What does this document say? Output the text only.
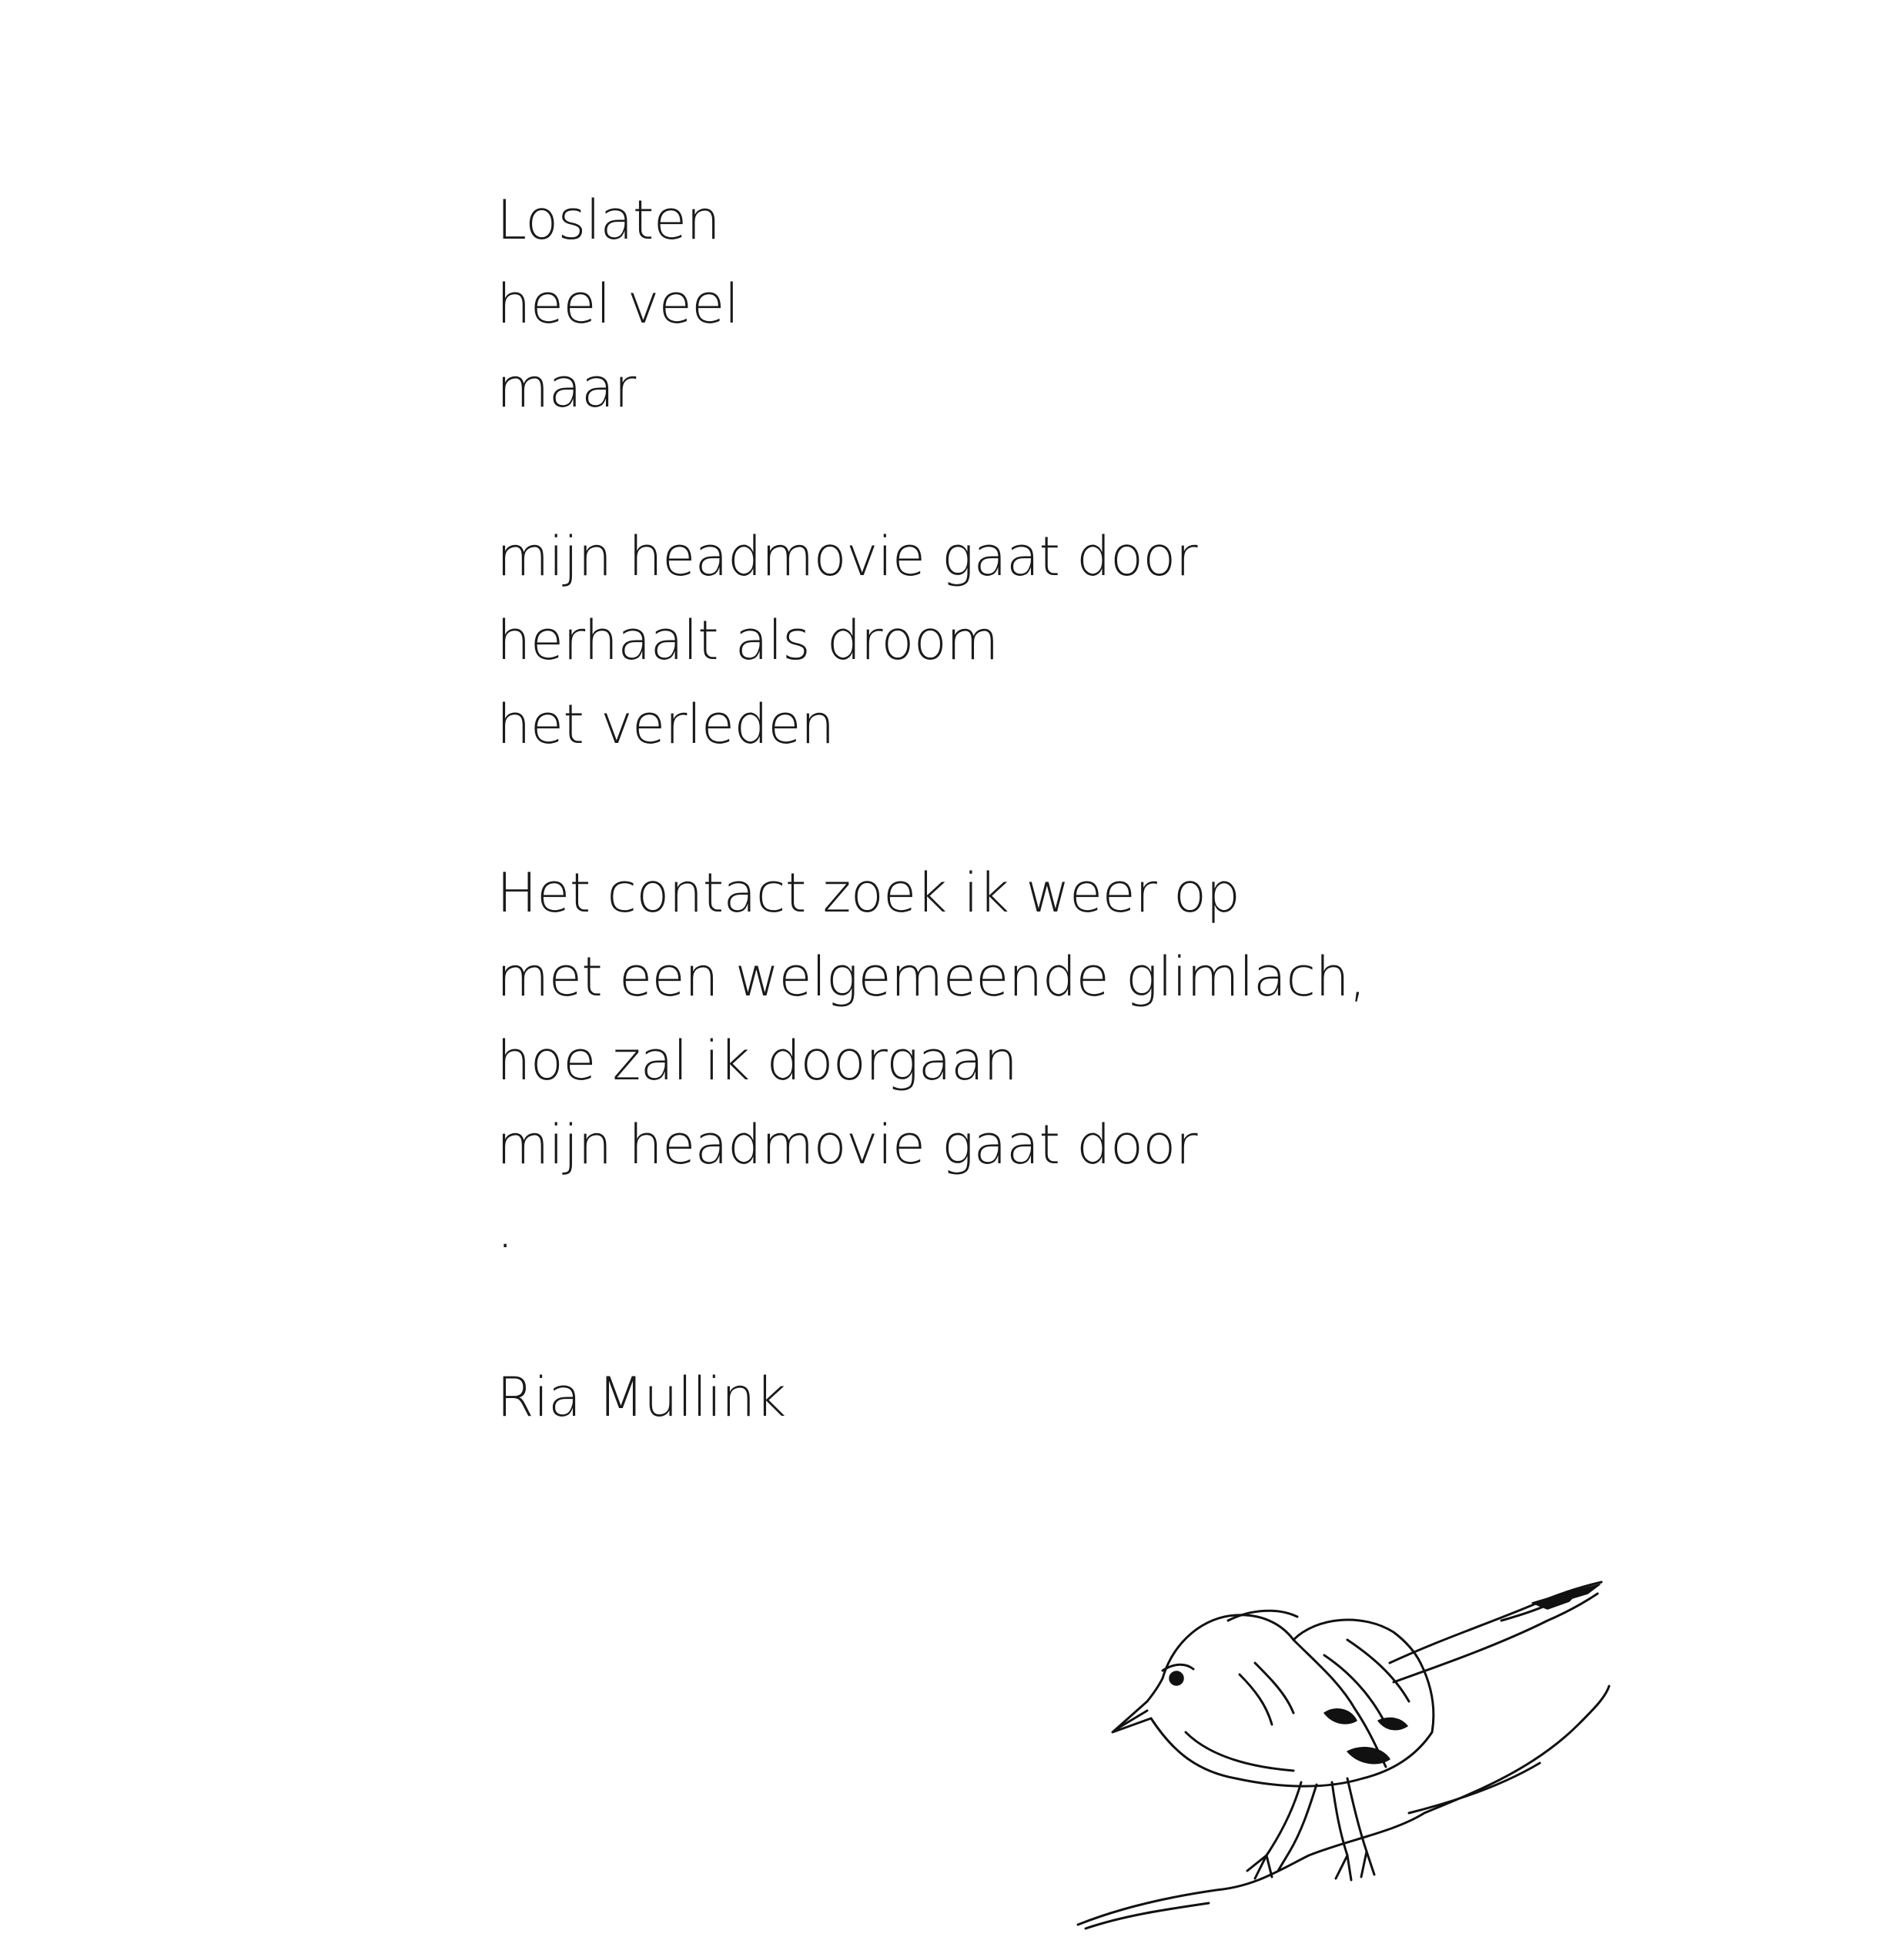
Loslaten
heel veel
maar
mijn headmovie gaat door
herhaalt als droom
het verleden
Het contact zoek ik weer op
met een welgemeende glimlach,
hoe zal ik doorgaan
mijn headmovie gaat door
.
Ria Mullink
